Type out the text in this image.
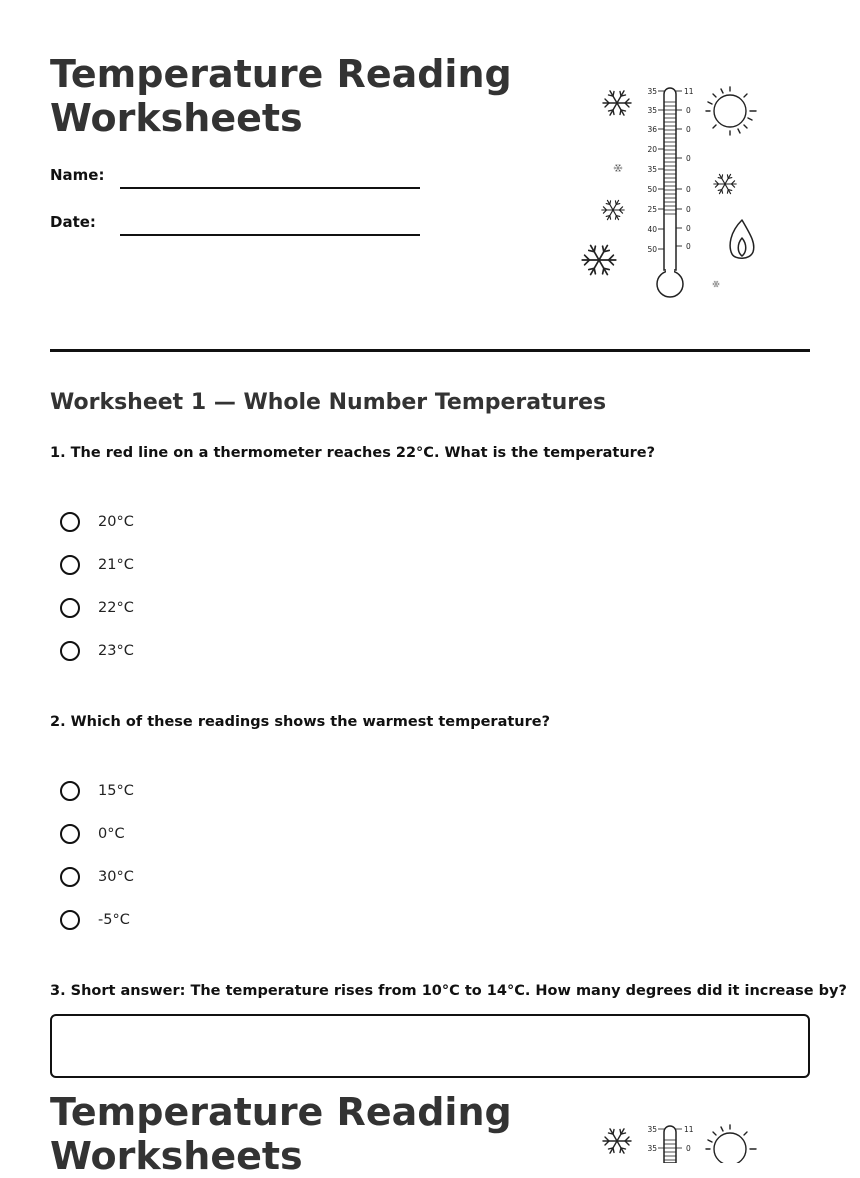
Temperature Reading
Worksheets
Name:
Date:
35
35
36
20
35
50
25
40
50
11
0
0
0
0
0
0
0
Worksheet 1 — Whole Number Temperatures
1. The red line on a thermometer reaches 22°C. What is the temperature?
20°C
21°C
22°C
23°C
2. Which of these readings shows the warmest temperature?
15°C
0°C
30°C
-5°C
3. Short answer: The temperature rises from 10°C to 14°C. How many degrees did it increase by?
Temperature Reading
Worksheets
35
35
11
0
